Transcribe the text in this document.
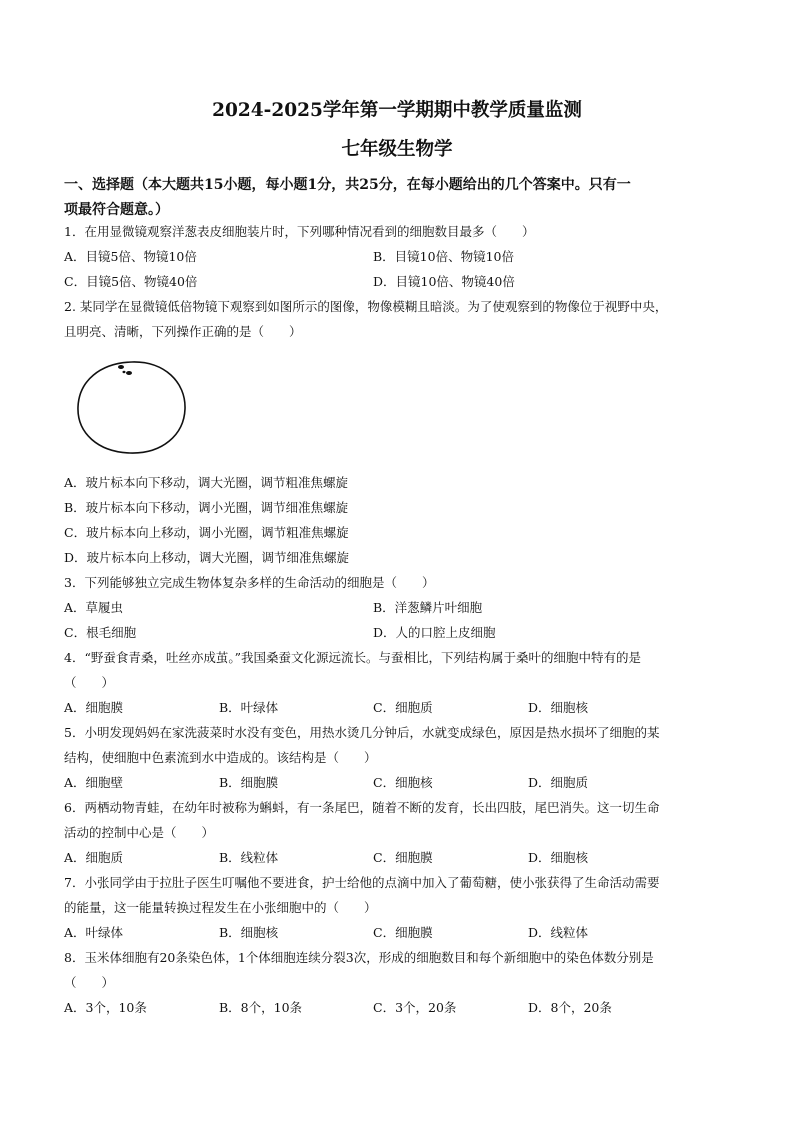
2024-2025学年第一学期期中教学质量监测
七年级生物学
一、选择题（本大题共15小题，每小题1分，共25分，在每小题给出的几个答案中。只有一
项最符合题意。）
1．在用显微镜观察洋葱表皮细胞装片时，下列哪种情况看到的细胞数目最多（　　）
A．目镜5倍、物镜10倍	B．目镜10倍、物镜10倍
C．目镜5倍、物镜40倍	D．目镜10倍、物镜40倍
2. 某同学在显微镜低倍物镜下观察到如图所示的图像，物像模糊且暗淡。为了使观察到的物像位于视野中央，
且明亮、清晰，下列操作正确的是（　　）
A．玻片标本向下移动，调大光圈，调节粗准焦螺旋
B．玻片标本向下移动，调小光圈，调节细准焦螺旋
C．玻片标本向上移动，调小光圈，调节粗准焦螺旋
D．玻片标本向上移动，调大光圈，调节细准焦螺旋
3．下列能够独立完成生物体复杂多样的生命活动的细胞是（　　）
A．草履虫	B．洋葱鳞片叶细胞
C．根毛细胞	D．人的口腔上皮细胞
4．“野蚕食青桑，吐丝亦成茧。”我国桑蚕文化源远流长。与蚕相比，下列结构属于桑叶的细胞中特有的是
（　　）
A．细胞膜	B．叶绿体	C．细胞质	D．细胞核
5．小明发现妈妈在家洗菠菜时水没有变色，用热水烫几分钟后，水就变成绿色，原因是热水损坏了细胞的某
结构，使细胞中色素流到水中造成的。该结构是（　　）
A．细胞壁	B．细胞膜	C．细胞核	D．细胞质
6．两栖动物青蛙，在幼年时被称为蝌蚪，有一条尾巴，随着不断的发育，长出四肢，尾巴消失。这一切生命
活动的控制中心是（　　）
A．细胞质	B．线粒体	C．细胞膜	D．细胞核
7．小张同学由于拉肚子医生叮嘱他不要进食，护士给他的点滴中加入了葡萄糖，使小张获得了生命活动需要
的能量，这一能量转换过程发生在小张细胞中的（　　）
A．叶绿体	B．细胞核	C．细胞膜	D．线粒体
8．玉米体细胞有20条染色体，1个体细胞连续分裂3次，形成的细胞数目和每个新细胞中的染色体数分别是
（　　）
A．3个，10条	B．8个，10条	C．3个，20条	D．8个，20条
